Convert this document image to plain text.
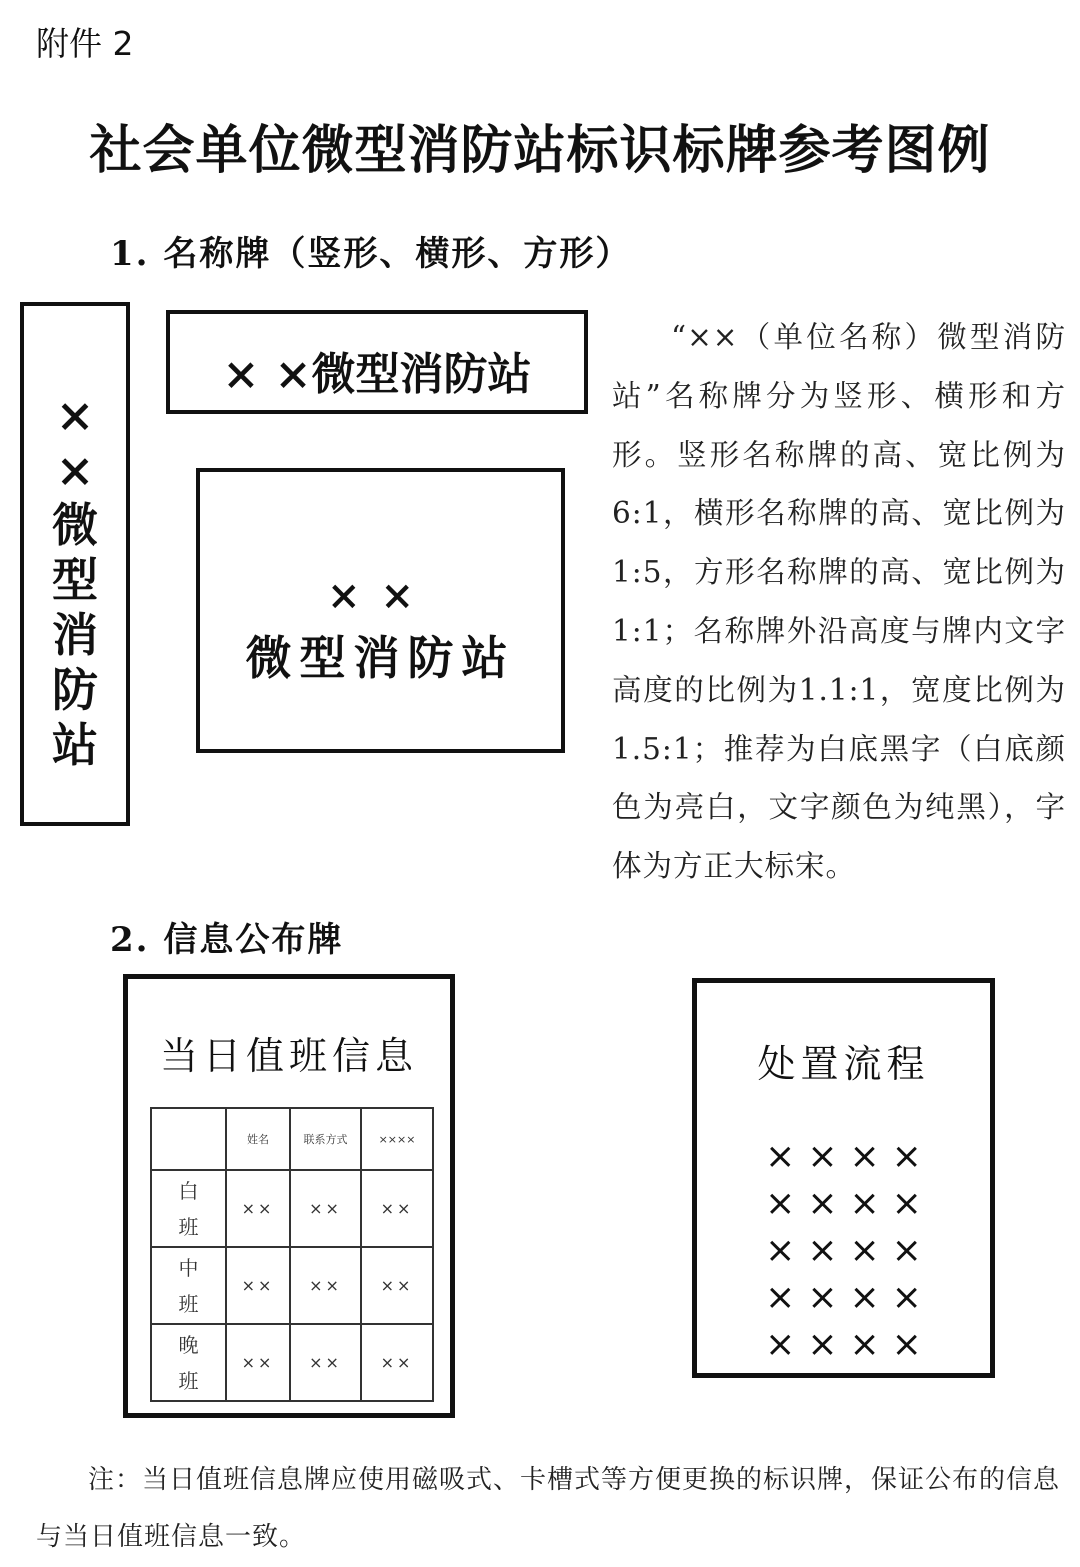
附件 2
社会单位微型消防站标识标牌参考图例
1. 名称牌（竖形、横形、方形）
×
×
微
型
消
防
站
× ×微型消防站
××
微型消防站
“××（单位名称）微型消防站”名称牌分为竖形、横形和方形。竖形名称牌的高、宽比例为6:1，横形名称牌的高、宽比例为1:5，方形名称牌的高、宽比例为1:1；名称牌外沿高度与牌内文字高度的比例为1.1:1，宽度比例为1.5:1；推荐为白底黑字（白底颜色为亮白，文字颜色为纯黑），字体为方正大标宋。
2. 信息公布牌
当日值班信息
	姓名	联系方式	××××

白
班	××	××	××

中
班	××	××	××

晚
班	××	××	××
处置流程
××××
××××
××××
××××
××××
注：当日值班信息牌应使用磁吸式、卡槽式等方便更换的标识牌，保证公布的信息与当日值班信息一致。
